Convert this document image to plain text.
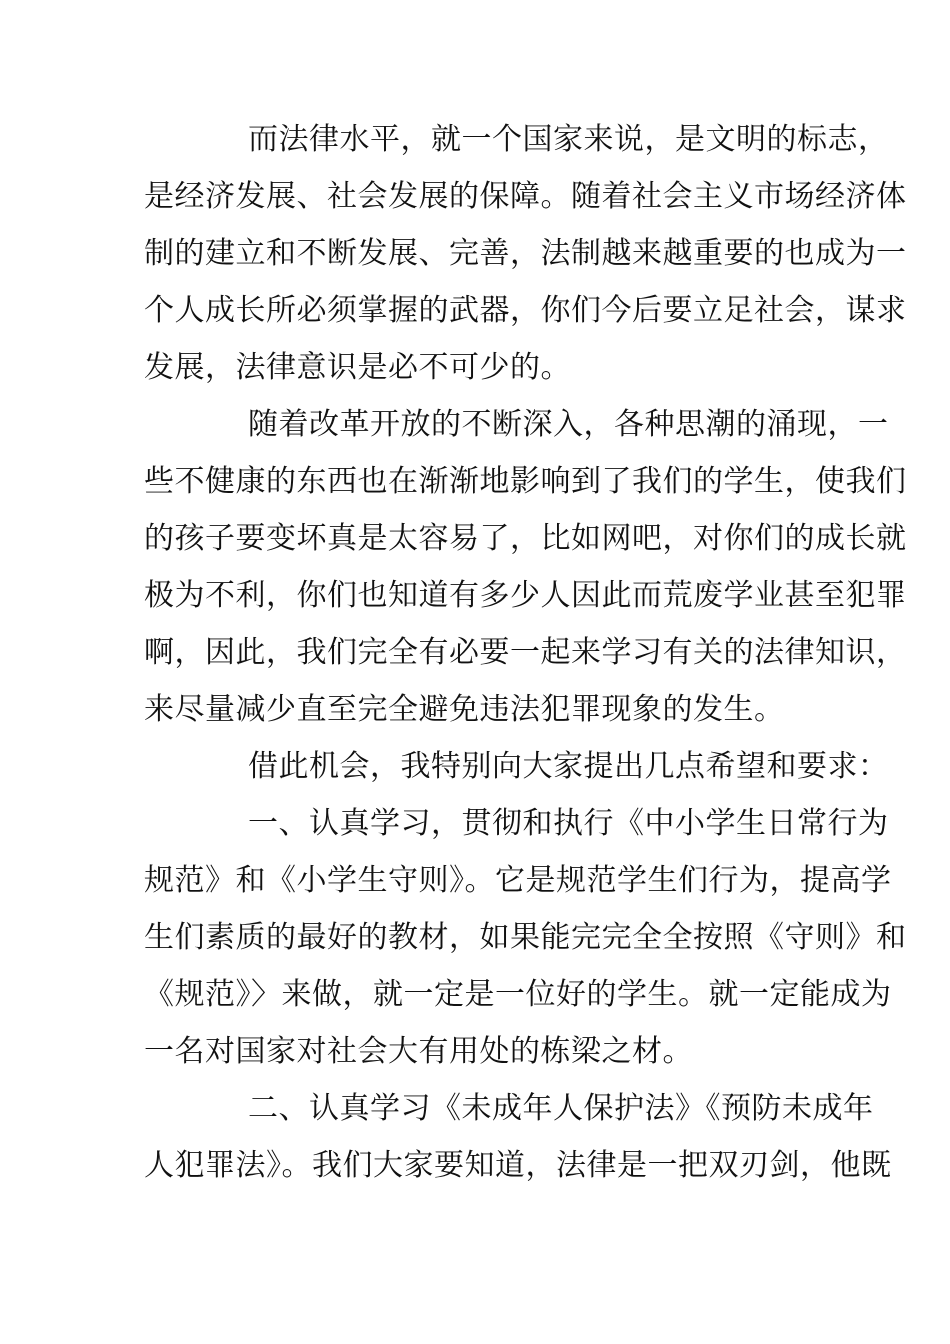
而法律水平，就一个国家来说，是文明的标志，
是经济发展、社会发展的保障。随着社会主义市场经济体
制的建立和不断发展、完善，法制越来越重要的也成为一
个人成长所必须掌握的武器，你们今后要立足社会，谋求
发展，法律意识是必不可少的。
随着改革开放的不断深入，各种思潮的涌现，一
些不健康的东西也在渐渐地影响到了我们的学生，使我们
的孩子要变坏真是太容易了，比如网吧，对你们的成长就
极为不利，你们也知道有多少人因此而荒废学业甚至犯罪
啊，因此，我们完全有必要一起来学习有关的法律知识，
来尽量减少直至完全避免违法犯罪现象的发生。
借此机会，我特别向大家提出几点希望和要求：
一、认真学习，贯彻和执行《中小学生日常行为
规范》和《小学生守则》。它是规范学生们行为，提高学
生们素质的最好的教材，如果能完完全全按照《守则》和
《规范》〉来做，就一定是一位好的学生。就一定能成为
一名对国家对社会大有用处的栋梁之材。
二、认真学习《未成年人保护法》《预防未成年
人犯罪法》。我们大家要知道，法律是一把双刃剑，他既
